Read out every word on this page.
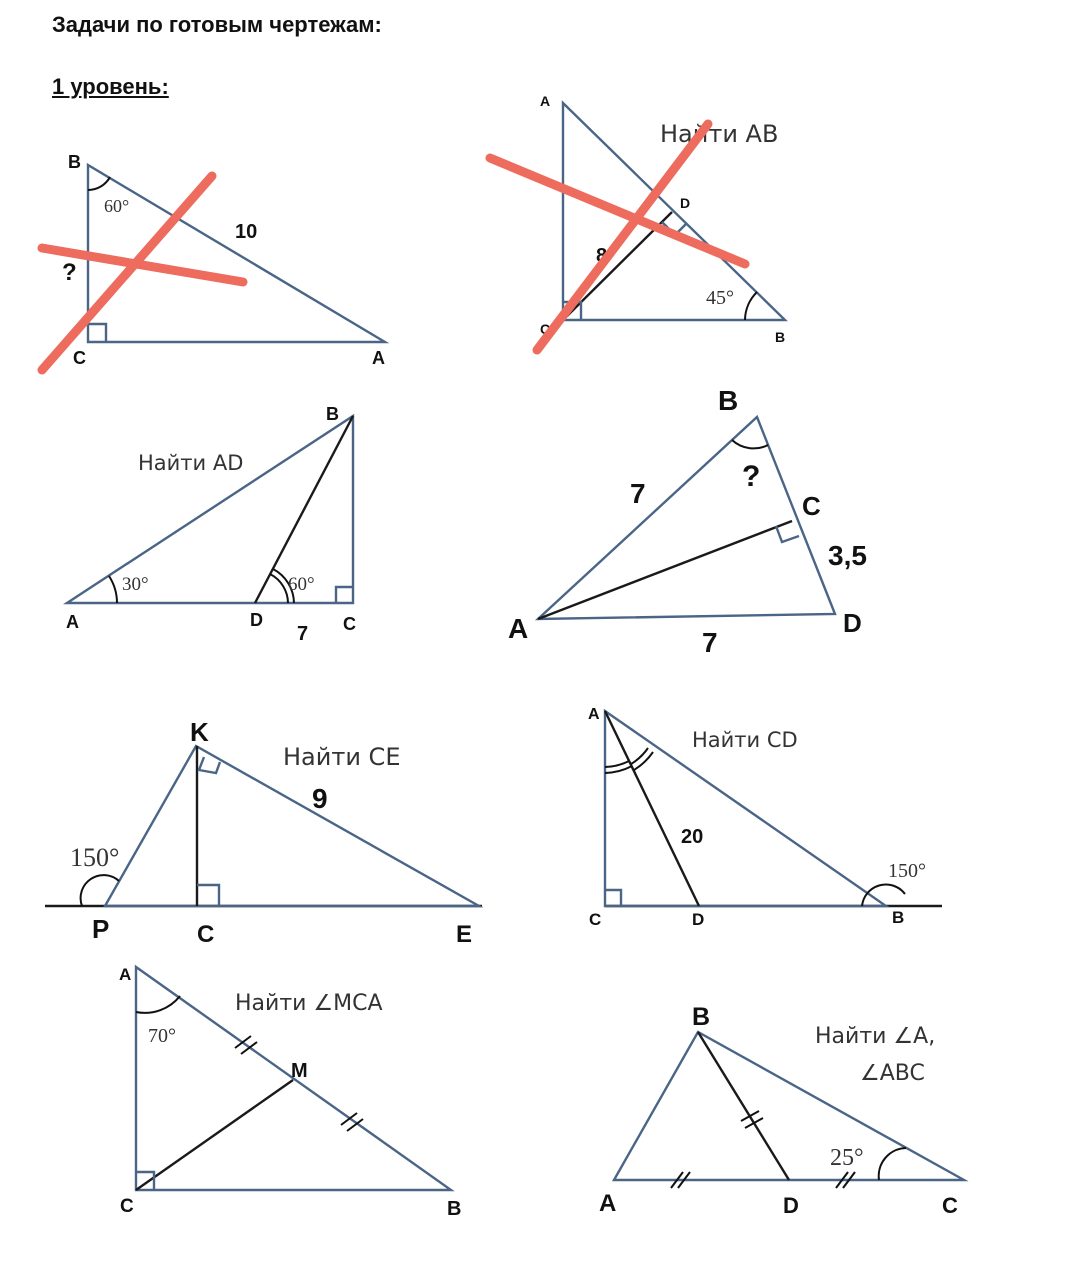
Задачи по готовым чертежам:
1 уровень:
B
C	A
60°
10
?
A
C	B
D
Найти AB
45°
8
B
A	D	C
Найти AD
30°	60°
7
B
A
C
D
7
7
3,5
?
K
P	C	E
Найти CE
150°
9
A
C	D	B
Найти CD
150°
20
A
C	B
M
Найти ∠MCA
70°
B
A	D	C
Найти ∠A,
∠ABC
25°
